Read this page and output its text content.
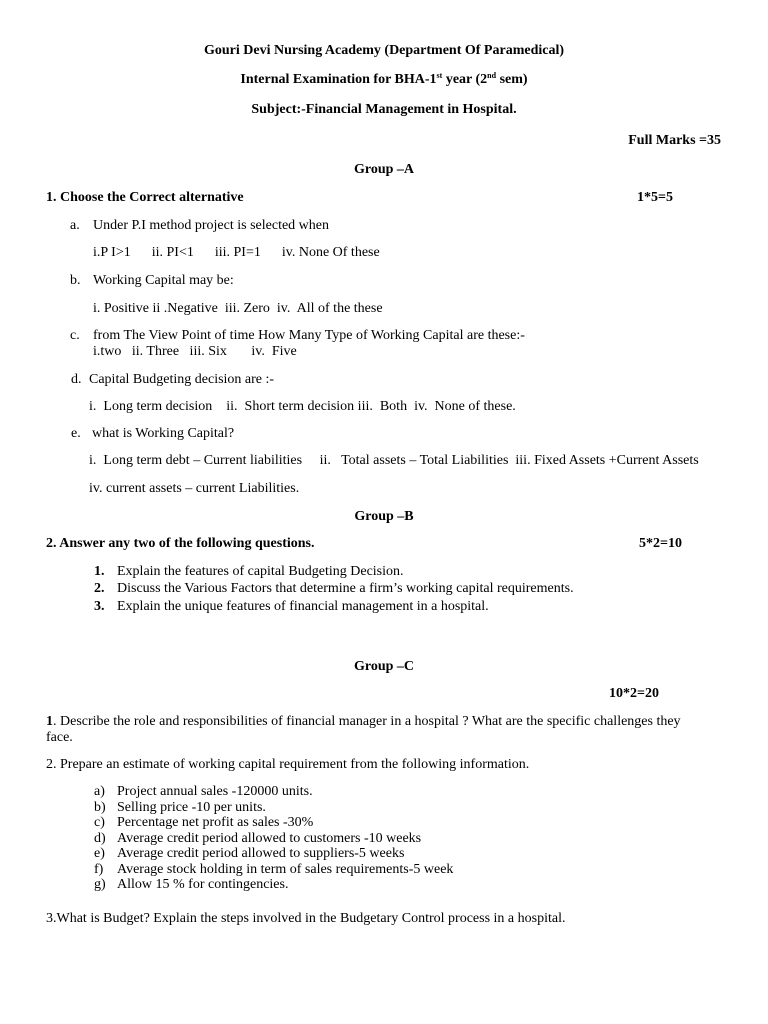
Gouri Devi Nursing Academy (Department Of Paramedical)
Internal Examination for BHA-1st year (2nd sem)
Subject:-Financial Management in Hospital.
Full Marks =35
Group –A
1. Choose the Correct alternative	1*5=5
a. Under P.I method project is selected when
i.P I>1      ii. PI<1      iii. PI=1      iv. None Of these
b. Working Capital may be:
i. Positive ii .Negative  iii. Zero  iv.  All of the these
c. from The View Point of time How Many Type of Working Capital are these:-
i.two   ii. Three   iii. Six       iv.  Five
d. Capital Budgeting decision are :-
i.  Long term decision    ii.  Short term decision iii.  Both  iv.  None of these.
e. what is Working Capital?
i.  Long term debt – Current liabilities     ii.   Total assets – Total Liabilities  iii. Fixed Assets +Current Assets
iv. current assets – current Liabilities.
Group –B
2. Answer any two of the following questions.	5*2=10
1. Explain the features of capital Budgeting Decision.
2. Discuss the Various Factors that determine a firm’s working capital requirements.
3. Explain the unique features of financial management in a hospital.
Group –C
10*2=20
1. Describe the role and responsibilities of financial manager in a hospital ? What are the specific challenges they
face.
2. Prepare an estimate of working capital requirement from the following information.
a) Project annual sales -120000 units.
b) Selling price -10 per units.
c) Percentage net profit as sales -30%
d) Average credit period allowed to customers -10 weeks
e) Average credit period allowed to suppliers-5 weeks
f) Average stock holding in term of sales requirements-5 week
g) Allow 15 % for contingencies.
3.What is Budget? Explain the steps involved in the Budgetary Control process in a hospital.
